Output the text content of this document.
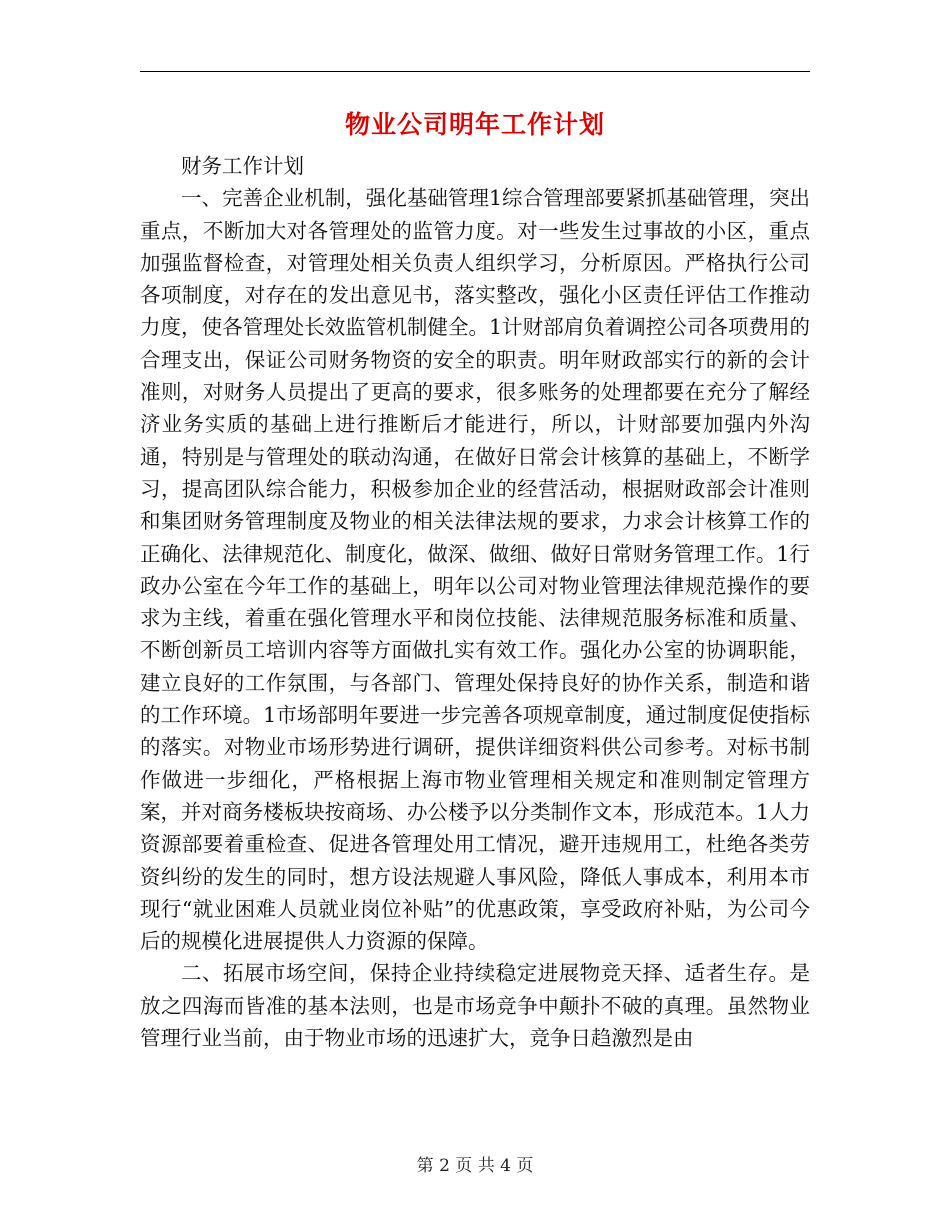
物业公司明年工作计划

财务工作计划

一、完善企业机制，强化基础管理1综合管理部要紧抓基础管理，突出重点，不断加大对各管理处的监管力度。对一些发生过事故的小区，重点加强监督检查，对管理处相关负责人组织学习，分析原因。严格执行公司各项制度，对存在的发出意见书，落实整改，强化小区责任评估工作推动力度，使各管理处长效监管机制健全。1计财部肩负着调控公司各项费用的合理支出，保证公司财务物资的安全的职责。明年财政部实行的新的会计准则，对财务人员提出了更高的要求，很多账务的处理都要在充分了解经济业务实质的基础上进行推断后才能进行，所以，计财部要加强内外沟通，特别是与管理处的联动沟通，在做好日常会计核算的基础上，不断学习，提高团队综合能力，积极参加企业的经营活动，根据财政部会计准则和集团财务管理制度及物业的相关法律法规的要求，力求会计核算工作的正确化、法律规范化、制度化，做深、做细、做好日常财务管理工作。1行政办公室在今年工作的基础上，明年以公司对物业管理法律规范操作的要求为主线，着重在强化管理水平和岗位技能、法律规范服务标准和质量、不断创新员工培训内容等方面做扎实有效工作。强化办公室的协调职能，建立良好的工作氛围，与各部门、管理处保持良好的协作关系，制造和谐的工作环境。1市场部明年要进一步完善各项规章制度，通过制度促使指标的落实。对物业市场形势进行调研，提供详细资料供公司参考。对标书制作做进一步细化，严格根据上海市物业管理相关规定和准则制定管理方案，并对商务楼板块按商场、办公楼予以分类制作文本，形成范本。1人力资源部要着重检查、促进各管理处用工情况，避开违规用工，杜绝各类劳资纠纷的发生的同时，想方设法规避人事风险，降低人事成本，利用本市现行“就业困难人员就业岗位补贴”的优惠政策，享受政府补贴，为公司今后的规模化进展提供人力资源的保障。

二、拓展市场空间，保持企业持续稳定进展物竞天择、适者生存。是放之四海而皆准的基本法则，也是市场竞争中颠扑不破的真理。虽然物业管理行业当前，由于物业市场的迅速扩大，竞争日趋激烈是由

第 2 页 共 4 页
